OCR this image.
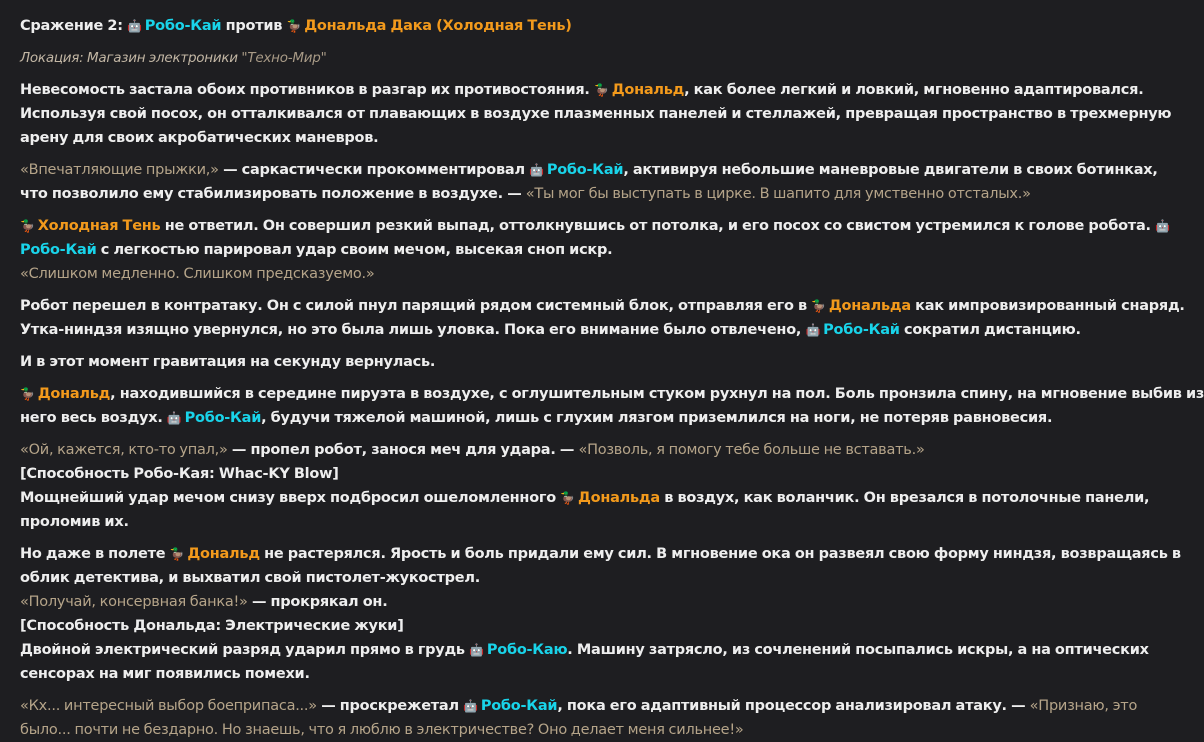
Сражение 2: 🤖 Робо-Кай против 🦆 Дональда Дака (Холодная Тень)
Локация: Магазин электроники "Техно-Мир"
Невесомость застала обоих противников в разгар их противостояния. 🦆 Дональд, как более легкий и ловкий, мгновенно адаптировался.
Используя свой посох, он отталкивался от плавающих в воздухе плазменных панелей и стеллажей, превращая пространство в трехмерную
арену для своих акробатических маневров.
«Впечатляющие прыжки,» — саркастически прокомментировал 🤖 Робо-Кай, активируя небольшие маневровые двигатели в своих ботинках,
что позволило ему стабилизировать положение в воздухе. — «Ты мог бы выступать в цирке. В шапито для умственно отсталых.»
🦆 Холодная Тень не ответил. Он совершил резкий выпад, оттолкнувшись от потолка, и его посох со свистом устремился к голове робота. 🤖
Робо-Кай с легкостью парировал удар своим мечом, высекая сноп искр.
«Слишком медленно. Слишком предсказуемо.»
Робот перешел в контратаку. Он с силой пнул парящий рядом системный блок, отправляя его в 🦆 Дональда как импровизированный снаряд.
Утка-ниндзя изящно увернулся, но это была лишь уловка. Пока его внимание было отвлечено, 🤖 Робо-Кай сократил дистанцию.
И в этот момент гравитация на секунду вернулась.
🦆 Дональд, находившийся в середине пируэта в воздухе, с оглушительным стуком рухнул на пол. Боль пронзила спину, на мгновение выбив из
него весь воздух. 🤖 Робо-Кай, будучи тяжелой машиной, лишь с глухим лязгом приземлился на ноги, не потеряв равновесия.
«Ой, кажется, кто-то упал,» — пропел робот, занося меч для удара. — «Позволь, я помогу тебе больше не вставать.»
[Способность Робо-Кая: Whac-KY Blow]
Мощнейший удар мечом снизу вверх подбросил ошеломленного 🦆 Дональда в воздух, как воланчик. Он врезался в потолочные панели,
проломив их.
Но даже в полете 🦆 Дональд не растерялся. Ярость и боль придали ему сил. В мгновение ока он развеял свою форму ниндзя, возвращаясь в
облик детектива, и выхватил свой пистолет-жукострел.
«Получай, консервная банка!» — прокрякал он.
[Способность Дональда: Электрические жуки]
Двойной электрический разряд ударил прямо в грудь 🤖 Робо-Каю. Машину затрясло, из сочленений посыпались искры, а на оптических
сенсорах на миг появились помехи.
«Кх... интересный выбор боеприпаса...» — проскрежетал 🤖 Робо-Кай, пока его адаптивный процессор анализировал атаку. — «Признаю, это
было... почти не бездарно. Но знаешь, что я люблю в электричестве? Оно делает меня сильнее!»
